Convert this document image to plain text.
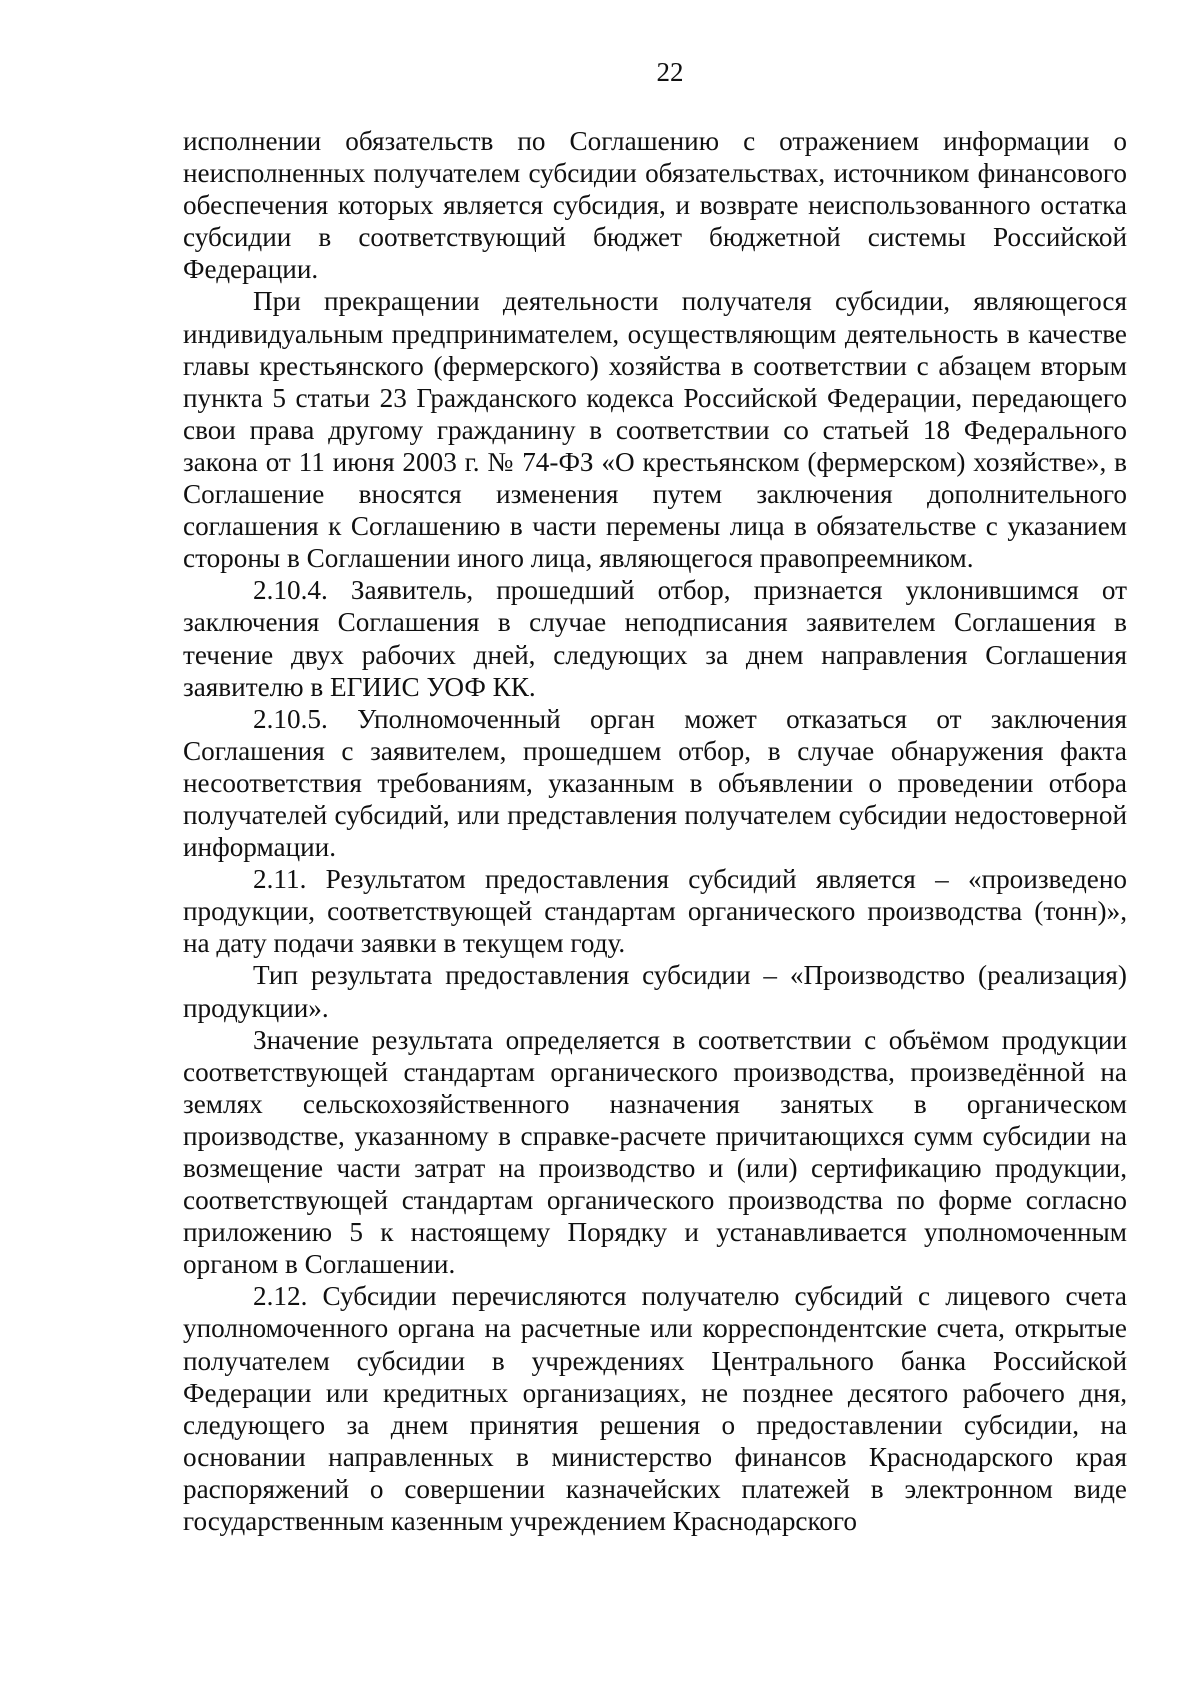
22

исполнении обязательств по Соглашению с отражением информации о неисполненных получателем субсидии обязательствах, источником финансового обеспечения которых является субсидия, и возврате неиспользованного остатка субсидии в соответствующий бюджет бюджетной системы Российской Федерации.

При прекращении деятельности получателя субсидии, являющегося индивидуальным предпринимателем, осуществляющим деятельность в качестве главы крестьянского (фермерского) хозяйства в соответствии с абзацем вторым пункта 5 статьи 23 Гражданского кодекса Российской Федерации, передающего свои права другому гражданину в соответствии со статьей 18 Федерального закона от 11 июня 2003 г. № 74-ФЗ «О крестьянском (фермерском) хозяйстве», в Соглашение вносятся изменения путем заключения дополнительного соглашения к Соглашению в части перемены лица в обязательстве с указанием стороны в Соглашении иного лица, являющегося правопреемником.

2.10.4. Заявитель, прошедший отбор, признается уклонившимся от заключения Соглашения в случае неподписания заявителем Соглашения в течение двух рабочих дней, следующих за днем направления Соглашения заявителю в ЕГИИС УОФ КК.

2.10.5. Уполномоченный орган может отказаться от заключения Соглашения с заявителем, прошедшем отбор, в случае обнаружения факта несоответствия требованиям, указанным в объявлении о проведении отбора получателей субсидий, или представления получателем субсидии недостоверной информации.

2.11. Результатом предоставления субсидий является – «произведено продукции, соответствующей стандартам органического производства (тонн)», на дату подачи заявки в текущем году.

Тип результата предоставления субсидии – «Производство (реализация) продукции».

Значение результата определяется в соответствии с объёмом продукции соответствующей стандартам органического производства, произведённой на землях сельскохозяйственного назначения занятых в органическом производстве, указанному в справке-расчете причитающихся сумм субсидии на возмещение части затрат на производство и (или) сертификацию продукции, соответствующей стандартам органического производства по форме согласно приложению 5 к настоящему Порядку и устанавливается уполномоченным органом в Соглашении.

2.12. Субсидии перечисляются получателю субсидий с лицевого счета уполномоченного органа на расчетные или корреспондентские счета, открытые получателем субсидии в учреждениях Центрального банка Российской Федерации или кредитных организациях, не позднее десятого рабочего дня, следующего за днем принятия решения о предоставлении субсидии, на основании направленных в министерство финансов Краснодарского края распоряжений о совершении казначейских платежей в электронном виде государственным казенным учреждением Краснодарского
